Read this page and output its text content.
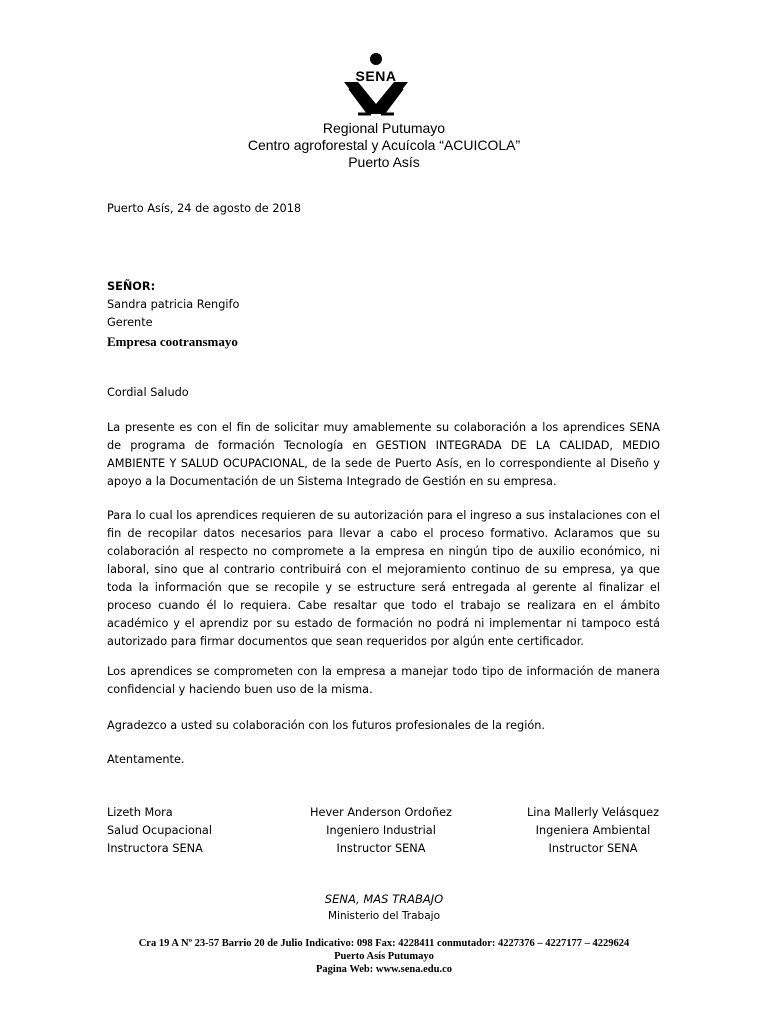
SENA
Regional Putumayo
Centro agroforestal y Acuícola “ACUICOLA”
Puerto Asís
Puerto Asís, 24 de agosto de 2018
SEÑOR:
Sandra patricia Rengifo
Gerente
Empresa cootransmayo
Cordial Saludo
La presente es con el fin de solicitar muy amablemente su colaboración a los aprendices SENA de programa de formación Tecnología en GESTION INTEGRADA DE LA CALIDAD, MEDIO AMBIENTE Y SALUD OCUPACIONAL, de la sede de Puerto Asís, en lo correspondiente al Diseño y apoyo a la Documentación de un Sistema Integrado de Gestión en su empresa.
Para lo cual los aprendices requieren de su autorización para el ingreso a sus instalaciones con el fin de recopilar datos necesarios para llevar a cabo el proceso formativo. Aclaramos que su colaboración al respecto no compromete a la empresa en ningún tipo de auxilio económico, ni laboral, sino que al contrario contribuirá con el mejoramiento continuo de su empresa, ya que toda la información que se recopile y se estructure será entregada al gerente al finalizar el proceso cuando él lo requiera. Cabe resaltar que todo el trabajo se realizara en el ámbito académico y el aprendiz por su estado de formación no podrá ni implementar ni tampoco está autorizado para firmar documentos que sean requeridos por algún ente certificador.
Los aprendices se comprometen con la empresa a manejar todo tipo de información de manera confidencial y haciendo buen uso de la misma.
Agradezco a usted su colaboración con los futuros profesionales de la región.
Atentamente.
Lizeth Mora
Salud Ocupacional
Instructora SENA
Hever Anderson Ordoñez
Ingeniero Industrial
Instructor SENA
Lina Mallerly Velásquez
Ingeniera Ambiental
Instructor SENA
SENA, MAS TRABAJO
Ministerio del Trabajo
Cra 19 A Nº 23-57 Barrio 20 de Julio Indicativo: 098 Fax: 4228411 conmutador: 4227376 – 4227177 – 4229624
Puerto Asís Putumayo
Pagina Web: www.sena.edu.co
